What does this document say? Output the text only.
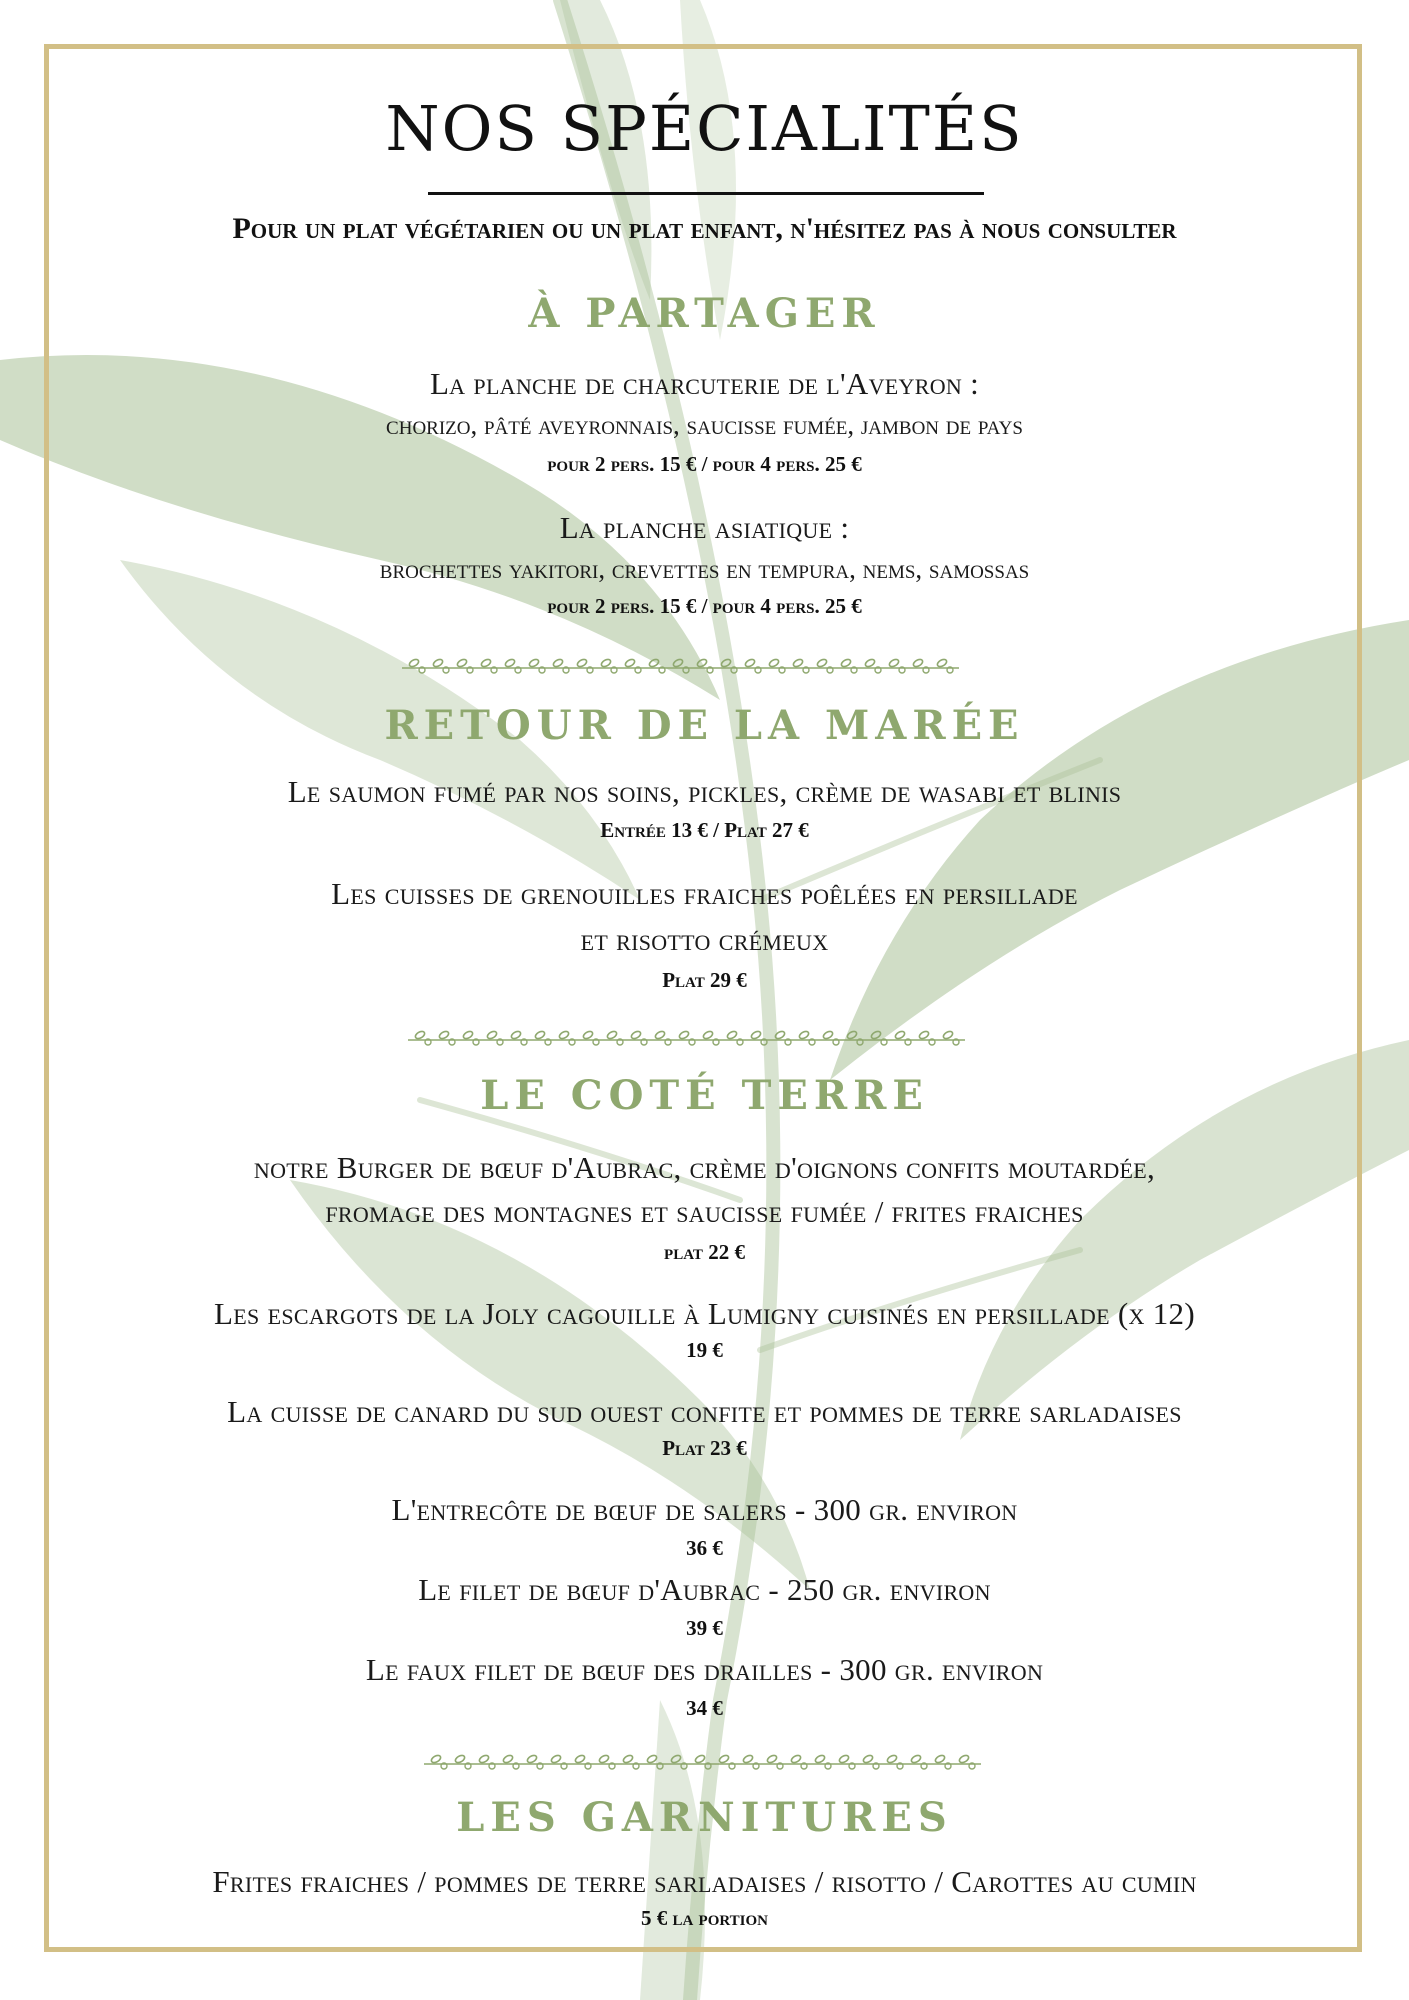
NOS SPÉCIALITÉS
Pour un plat végétarien ou un plat enfant, n'hésitez pas à nous consulter
À PARTAGER
La planche de charcuterie de l'Aveyron :
chorizo, pâté aveyronnais, saucisse fumée, jambon de pays
pour 2 pers. 15 € / pour 4 pers. 25 €
La planche asiatique :
brochettes yakitori, crevettes en tempura, nems, samossas
pour 2 pers. 15 € / pour 4 pers. 25 €
RETOUR DE LA MARÉE
Le saumon fumé par nos soins, pickles, crème de wasabi et blinis
Entrée 13 € / Plat 27 €
Les cuisses de grenouilles fraiches poêlées en persillade
et risotto crémeux
Plat 29 €
LE COTÉ TERRE
notre Burger de bœuf d'Aubrac, crème d'oignons confits moutardée,
fromage des montagnes et saucisse fumée / frites fraiches
plat 22 €
Les escargots de la Joly cagouille à Lumigny cuisinés en persillade (x 12)
19 €
La cuisse de canard du sud ouest confite et pommes de terre sarladaises
Plat 23 €
L'entrecôte de bœuf de salers - 300 gr. environ
36 €
Le filet de bœuf d'Aubrac - 250 gr. environ
39 €
Le faux filet de bœuf des drailles - 300 gr. environ
34 €
LES GARNITURES
Frites fraiches / pommes de terre sarladaises / risotto / Carottes au cumin
5 € la portion
